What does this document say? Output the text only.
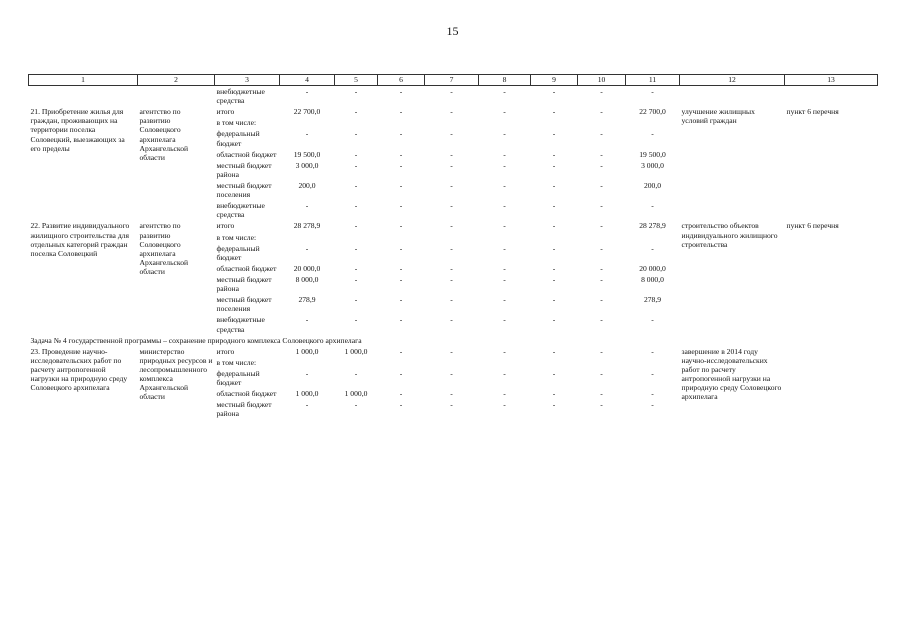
15
1	2	3	4	5	6	7	8	9	10	11	12	13
		внебюджетные средства	-	-	-	-	-	-	-	-		
21. Приобретение жилья для граждан, проживающих на территории поселка Соловецкий, выезжающих за его пределы	агентство по развитию Соловецкого архипелага Архангельской области	итого	22 700,0	-	-	-	-	-	-	22 700,0	улучшение жилищных условий граждан	пункт 6 перечня
		в том числе:										
		федеральный бюджет	-	-	-	-	-	-	-	-		
		областной бюджет	19 500,0	-	-	-	-	-	-	19 500,0		
		местный бюджет района	3 000,0	-	-	-	-	-	-	3 000,0		
		местный бюджет поселения	200,0	-	-	-	-	-	-	200,0		
		внебюджетные средства	-	-	-	-	-	-	-	-		
22. Развитие индивидуального жилищного строительства для отдельных категорий граждан поселка Соловецкий	агентство по развитию Соловецкого архипелага Архангельской области	итого	28 278,9	-	-	-	-	-	-	28 278,9	строительство объектов индивидуального жилищного строительства	пункт 6 перечня
		в том числе:										
		федеральный бюджет	-	-	-	-	-	-	-	-		
		областной бюджет	20 000,0	-	-	-	-	-	-	20 000,0		
		местный бюджет района	8 000,0	-	-	-	-	-	-	8 000,0		
		местный бюджет поселения	278,9	-	-	-	-	-	-	278,9		
		внебюджетные средства	-	-	-	-	-	-	-	-		
Задача № 4 государственной программы – сохранение природного комплекса Соловецкого архипелага												
23. Проведение научно-исследовательских работ по расчету антропогенной нагрузки на природную среду Соловецкого архипелага	министерство природных ресурсов и лесопромышленного комплекса Архангельской области	итого	1 000,0	1 000,0	-	-	-	-	-	-	завершение в 2014 году научно-исследовательских работ по расчету антропогенной нагрузки на природную среду Соловецкого архипелага	
		в том числе:										
		федеральный бюджет	-	-	-	-	-	-	-	-		
		областной бюджет	1 000,0	1 000,0	-	-	-	-	-	-		
		местный бюджет района	-	-	-	-	-	-	-	-		
